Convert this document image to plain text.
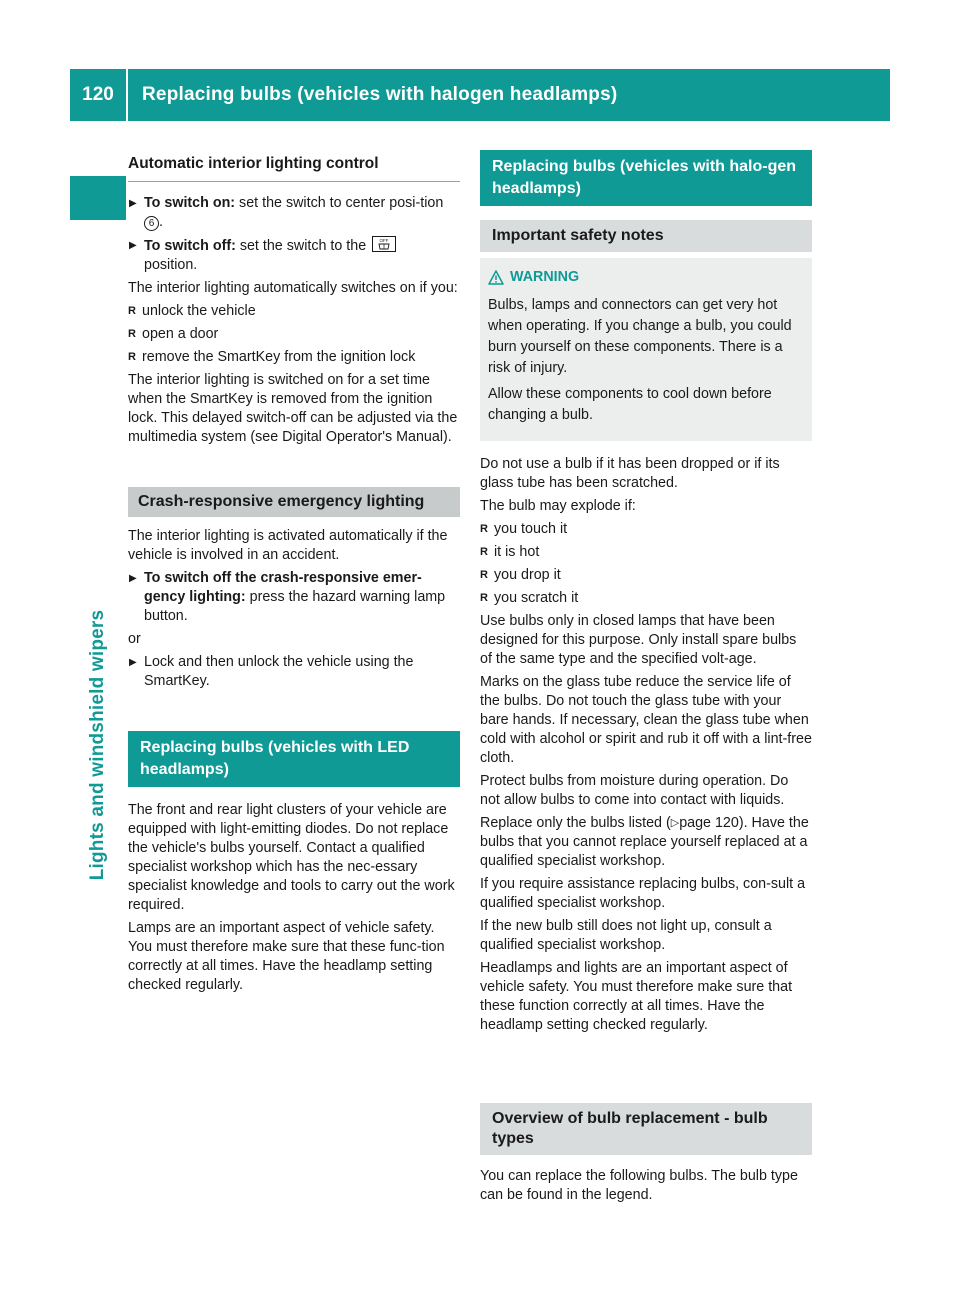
120	Replacing bulbs (vehicles with halogen headlamps)
Lights and windshield wipers
Automatic interior lighting control
▶ To switch on: set the switch to center posi-tion 6 .
▶ To switch off: set the switch to the OFF

position.

The interior lighting automatically switches on if you:

R unlock the vehicle
R open a door
R remove the SmartKey from the ignition lock

The interior lighting is switched on for a set time when the SmartKey is removed from the ignition lock. This delayed switch-off can be adjusted via the multimedia system (see Digital Operator's Manual).

Crash-responsive emergency lighting

The interior lighting is activated automatically if the vehicle is involved in an accident.

▶ To switch off the crash-responsive emer-gency lighting: press the hazard warning lamp button.

or

▶ Lock and then unlock the vehicle using the SmartKey.
Replacing bulbs (vehicles with LED headlamps)

The front and rear light clusters of your vehicle are equipped with light-emitting diodes. Do not replace the vehicle's bulbs yourself. Contact a qualified specialist workshop which has the nec-essary specialist knowledge and tools to carry out the work required.

Lamps are an important aspect of vehicle safety. You must therefore make sure that these func-tion correctly at all times. Have the headlamp setting checked regularly.

Replacing bulbs (vehicles with halo-gen headlamps)
Important safety notes
WARNING

Bulbs, lamps and connectors can get very hot when operating. If you change a bulb, you could burn yourself on these components. There is a risk of injury.

Allow these components to cool down before changing a bulb.

Do not use a bulb if it has been dropped or if its glass tube has been scratched.

The bulb may explode if:

R you touch it
R it is hot
R you drop it
R you scratch it

Use bulbs only in closed lamps that have been designed for this purpose. Only install spare bulbs of the same type and the specified volt-age.

Marks on the glass tube reduce the service life of the bulbs. Do not touch the glass tube with your bare hands. If necessary, clean the glass tube when cold with alcohol or spirit and rub it off with a lint-free cloth.

Protect bulbs from moisture during operation. Do not allow bulbs to come into contact with liquids.

Replace only the bulbs listed (▷page 120). Have the bulbs that you cannot replace yourself replaced at a qualified specialist workshop.

If you require assistance replacing bulbs, con-sult a qualified specialist workshop.

If the new bulb still does not light up, consult a qualified specialist workshop.

Headlamps and lights are an important aspect of vehicle safety. You must therefore make sure that these function correctly at all times. Have the headlamp setting checked regularly.

Overview of bulb replacement - bulb types

You can replace the following bulbs. The bulb type can be found in the legend.
